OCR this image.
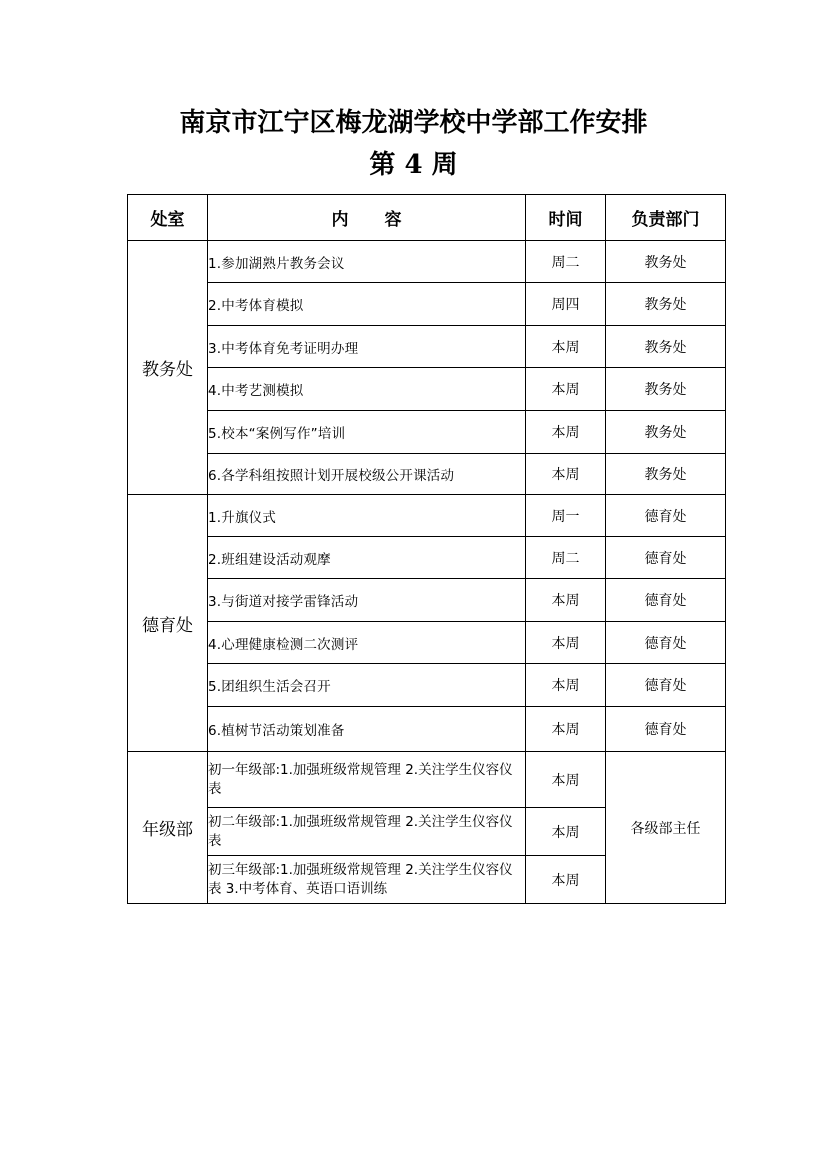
南京市江宁区梅龙湖学校中学部工作安排
第 4 周
处室	内 容	时间	负责部门
教务处	1.参加湖熟片教务会议	周二	教务处
	2.中考体育模拟	周四	教务处
	3.中考体育免考证明办理	本周	教务处
	4.中考艺测模拟	本周	教务处
	5.校本“案例写作”培训	本周	教务处
	6.各学科组按照计划开展校级公开课活动	本周	教务处
德育处	1.升旗仪式	周一	德育处
	2.班组建设活动观摩	周二	德育处
	3.与街道对接学雷锋活动	本周	德育处
	4.心理健康检测二次测评	本周	德育处
	5.团组织生活会召开	本周	德育处
	6.植树节活动策划准备	本周	德育处
年级部	初一年级部:1.加强班级常规管理 2.关注学生仪容仪表	本周	各级部主任
	初二年级部:1.加强班级常规管理 2.关注学生仪容仪表	本周	
	初三年级部:1.加强班级常规管理 2.关注学生仪容仪表 3.中考体育、英语口语训练	本周	
